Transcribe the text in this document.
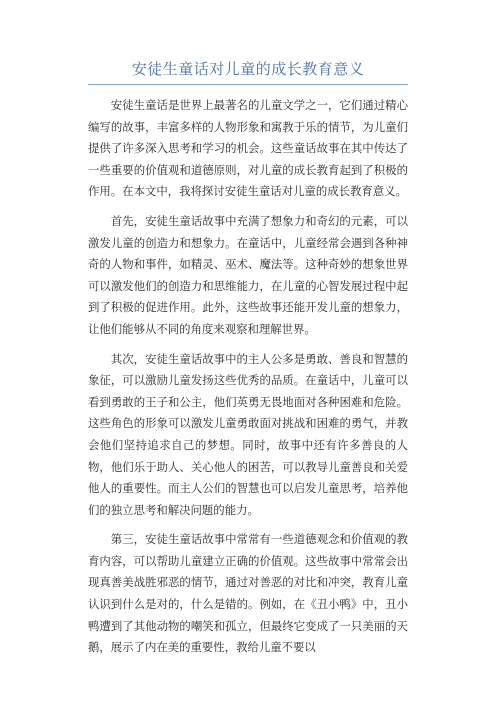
安徒生童话对儿童的成长教育意义

安徒生童话是世界上最著名的儿童文学之一，它们通过精心编写的故事，丰富多样的人物形象和寓教于乐的情节，为儿童们提供了许多深入思考和学习的机会。这些童话故事在其中传达了一些重要的价值观和道德原则，对儿童的成长教育起到了积极的作用。在本文中，我将探讨安徒生童话对儿童的成长教育意义。

首先，安徒生童话故事中充满了想象力和奇幻的元素，可以激发儿童的创造力和想象力。在童话中，儿童经常会遇到各种神奇的人物和事件，如精灵、巫术、魔法等。这种奇妙的想象世界可以激发他们的创造力和思维能力，在儿童的心智发展过程中起到了积极的促进作用。此外，这些故事还能开发儿童的想象力，让他们能够从不同的角度来观察和理解世界。

其次，安徒生童话故事中的主人公多是勇敢、善良和智慧的象征，可以激励儿童发扬这些优秀的品质。在童话中，儿童可以看到勇敢的王子和公主，他们英勇无畏地面对各种困难和危险。这些角色的形象可以激发儿童勇敢面对挑战和困难的勇气，并教会他们坚持追求自己的梦想。同时，故事中还有许多善良的人物，他们乐于助人、关心他人的困苦，可以教导儿童善良和关爱他人的重要性。而主人公们的智慧也可以启发儿童思考，培养他们的独立思考和解决问题的能力。

第三，安徒生童话故事中常常有一些道德观念和价值观的教育内容，可以帮助儿童建立正确的价值观。这些故事中常常会出现真善美战胜邪恶的情节，通过对善恶的对比和冲突，教育儿童认识到什么是对的，什么是错的。例如，在《丑小鸭》中，丑小鸭遭到了其他动物的嘲笑和孤立，但最终它变成了一只美丽的天鹅，展示了内在美的重要性，教给儿童不要以
